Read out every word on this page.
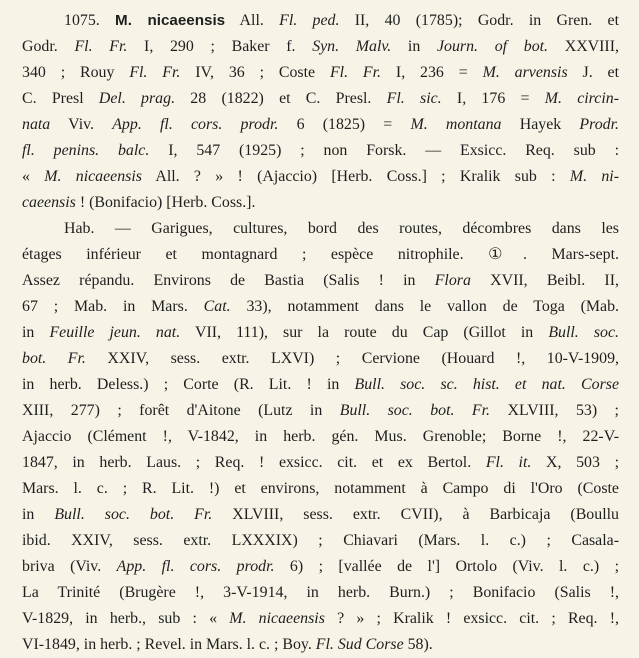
1075. M. nicaeensis All. Fl. ped. II, 40 (1785); Godr. in Gren. et
Godr. Fl. Fr. I, 290 ; Baker f. Syn. Malv. in Journ. of bot. XXVIII,
340 ; Rouy Fl. Fr. IV, 36 ; Coste Fl. Fr. I, 236 = M. arvensis J. et
C. Presl Del. prag. 28 (1822) et C. Presl. Fl. sic. I, 176 = M. circin-
nata Viv. App. fl. cors. prodr. 6 (1825) = M. montana Hayek Prodr.
fl. penins. balc. I, 547 (1925) ; non Forsk. — Exsicc. Req. sub :
« M. nicaeensis All. ? » ! (Ajaccio) [Herb. Coss.] ; Kralik sub : M. ni-
caeensis ! (Bonifacio) [Herb. Coss.].
Hab. — Garigues, cultures, bord des routes, décombres dans les
étages inférieur et montagnard ; espèce nitrophile. ①. Mars-sept.
Assez répandu. Environs de Bastia (Salis ! in Flora XVII, Beibl. II,
67 ; Mab. in Mars. Cat. 33), notamment dans le vallon de Toga (Mab.
in Feuille jeun. nat. VII, 111), sur la route du Cap (Gillot in Bull. soc.
bot. Fr. XXIV, sess. extr. LXVI) ; Cervione (Houard !, 10-V-1909,
in herb. Deless.) ; Corte (R. Lit. ! in Bull. soc. sc. hist. et nat. Corse
XIII, 277) ; forêt d'Aitone (Lutz in Bull. soc. bot. Fr. XLVIII, 53) ;
Ajaccio (Clément !, V-1842, in herb. gén. Mus. Grenoble; Borne !, 22-V-
1847, in herb. Laus. ; Req. ! exsicc. cit. et ex Bertol. Fl. it. X, 503 ;
Mars. l. c. ; R. Lit. !) et environs, notamment à Campo di l'Oro (Coste
in Bull. soc. bot. Fr. XLVIII, sess. extr. CVII), à Barbicaja (Boullu
ibid. XXIV, sess. extr. LXXXIX) ; Chiavari (Mars. l. c.) ; Casala-
briva (Viv. App. fl. cors. prodr. 6) ; [vallée de l'] Ortolo (Viv. l. c.) ;
La Trinité (Brugère !, 3-V-1914, in herb. Burn.) ; Bonifacio (Salis !,
V-1829, in herb., sub : « M. nicaeensis ? » ; Kralik ! exsicc. cit. ; Req. !,
VI-1849, in herb. ; Revel. in Mars. l. c. ; Boy. Fl. Sud Corse 58).
